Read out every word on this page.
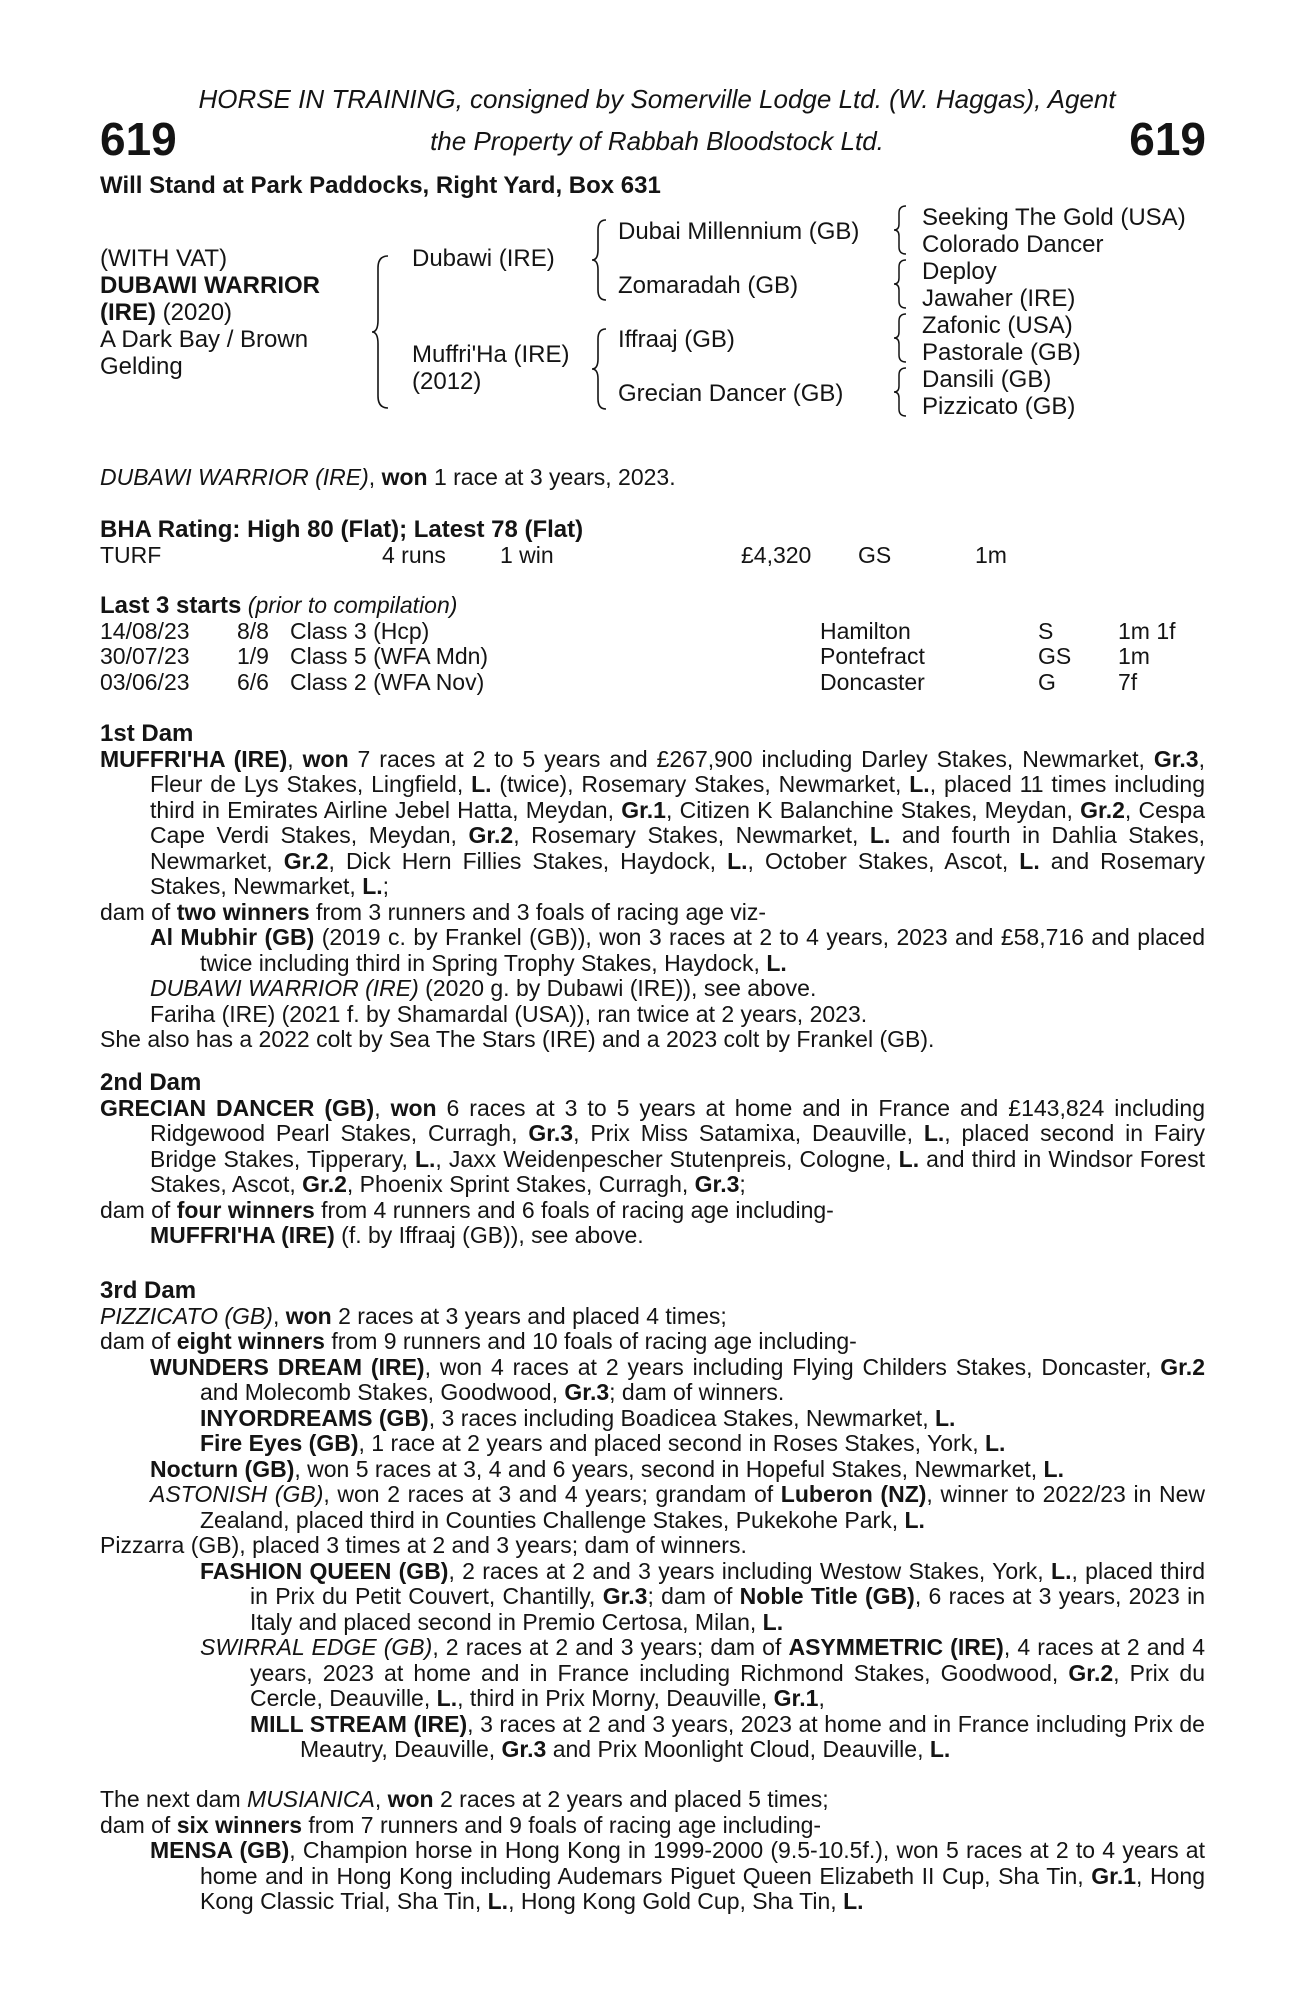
HORSE IN TRAINING, consigned by Somerville Lodge Ltd. (W. Haggas), Agent
the Property of Rabbah Bloodstock Ltd.
619	619
Will Stand at Park Paddocks, Right Yard, Box 631
(WITH VAT)
DUBAWI WARRIOR
(IRE) (2020)
A Dark Bay / Brown
Gelding
Dubawi (IRE)
Muffri'Ha (IRE)
(2012)
Dubai Millennium (GB)
Zomaradah (GB)
Iffraaj (GB)
Grecian Dancer (GB)
Seeking The Gold (USA)
Colorado Dancer
Deploy
Jawaher (IRE)
Zafonic (USA)
Pastorale (GB)
Dansili (GB)
Pizzicato (GB)
DUBAWI WARRIOR (IRE), won 1 race at 3 years, 2023.
BHA Rating: High 80 (Flat); Latest 78 (Flat)
TURF	4 runs 1 win	£4,320 GS	1m
Last 3 starts (prior to compilation)
14/08/23 8/8 Class 3 (Hcp)	Hamilton	S	1m 1f
30/07/23 1/9 Class 5 (WFA Mdn)	Pontefract	GS 1m
03/06/23 6/6 Class 2 (WFA Nov)	Doncaster	G	7f
1st Dam
MUFFRI'HA (IRE), won 7 races at 2 to 5 years and £267,900 including Darley Stakes, Newmarket, Gr.3, Fleur de Lys Stakes, Lingfield, L. (twice), Rosemary Stakes, Newmarket, L., placed 11 times including third in Emirates Airline Jebel Hatta, Meydan, Gr.1, Citizen K Balanchine Stakes, Meydan, Gr.2, Cespa Cape Verdi Stakes, Meydan, Gr.2, Rosemary Stakes, Newmarket, L. and fourth in Dahlia Stakes, Newmarket, Gr.2, Dick Hern Fillies Stakes, Haydock, L., October Stakes, Ascot, L. and Rosemary Stakes, Newmarket, L.;
dam of two winners from 3 runners and 3 foals of racing age viz-
Al Mubhir (GB) (2019 c. by Frankel (GB)), won 3 races at 2 to 4 years, 2023 and £58,716 and placed twice including third in Spring Trophy Stakes, Haydock, L.
DUBAWI WARRIOR (IRE) (2020 g. by Dubawi (IRE)), see above.
Fariha (IRE) (2021 f. by Shamardal (USA)), ran twice at 2 years, 2023.
She also has a 2022 colt by Sea The Stars (IRE) and a 2023 colt by Frankel (GB).
2nd Dam
GRECIAN DANCER (GB), won 6 races at 3 to 5 years at home and in France and £143,824 including Ridgewood Pearl Stakes, Curragh, Gr.3, Prix Miss Satamixa, Deauville, L., placed second in Fairy Bridge Stakes, Tipperary, L., Jaxx Weidenpescher Stutenpreis, Cologne, L. and third in Windsor Forest Stakes, Ascot, Gr.2, Phoenix Sprint Stakes, Curragh, Gr.3;
dam of four winners from 4 runners and 6 foals of racing age including-
MUFFRI'HA (IRE) (f. by Iffraaj (GB)), see above.
3rd Dam
PIZZICATO (GB), won 2 races at 3 years and placed 4 times;
dam of eight winners from 9 runners and 10 foals of racing age including-
WUNDERS DREAM (IRE), won 4 races at 2 years including Flying Childers Stakes, Doncaster, Gr.2 and Molecomb Stakes, Goodwood, Gr.3; dam of winners.
INYORDREAMS (GB), 3 races including Boadicea Stakes, Newmarket, L.
Fire Eyes (GB), 1 race at 2 years and placed second in Roses Stakes, York, L.
Nocturn (GB), won 5 races at 3, 4 and 6 years, second in Hopeful Stakes, Newmarket, L.
ASTONISH (GB), won 2 races at 3 and 4 years; grandam of Luberon (NZ), winner to 2022/23 in New Zealand, placed third in Counties Challenge Stakes, Pukekohe Park, L.
Pizzarra (GB), placed 3 times at 2 and 3 years; dam of winners.
FASHION QUEEN (GB), 2 races at 2 and 3 years including Westow Stakes, York, L., placed third in Prix du Petit Couvert, Chantilly, Gr.3; dam of Noble Title (GB), 6 races at 3 years, 2023 in Italy and placed second in Premio Certosa, Milan, L.
SWIRRAL EDGE (GB), 2 races at 2 and 3 years; dam of ASYMMETRIC (IRE), 4 races at 2 and 4 years, 2023 at home and in France including Richmond Stakes, Goodwood, Gr.2, Prix du Cercle, Deauville, L., third in Prix Morny, Deauville, Gr.1,
MILL STREAM (IRE), 3 races at 2 and 3 years, 2023 at home and in France including Prix de Meautry, Deauville, Gr.3 and Prix Moonlight Cloud, Deauville, L.
The next dam MUSIANICA, won 2 races at 2 years and placed 5 times;
dam of six winners from 7 runners and 9 foals of racing age including-
MENSA (GB), Champion horse in Hong Kong in 1999-2000 (9.5-10.5f.), won 5 races at 2 to 4 years at home and in Hong Kong including Audemars Piguet Queen Elizabeth II Cup, Sha Tin, Gr.1, Hong Kong Classic Trial, Sha Tin, L., Hong Kong Gold Cup, Sha Tin, L.
